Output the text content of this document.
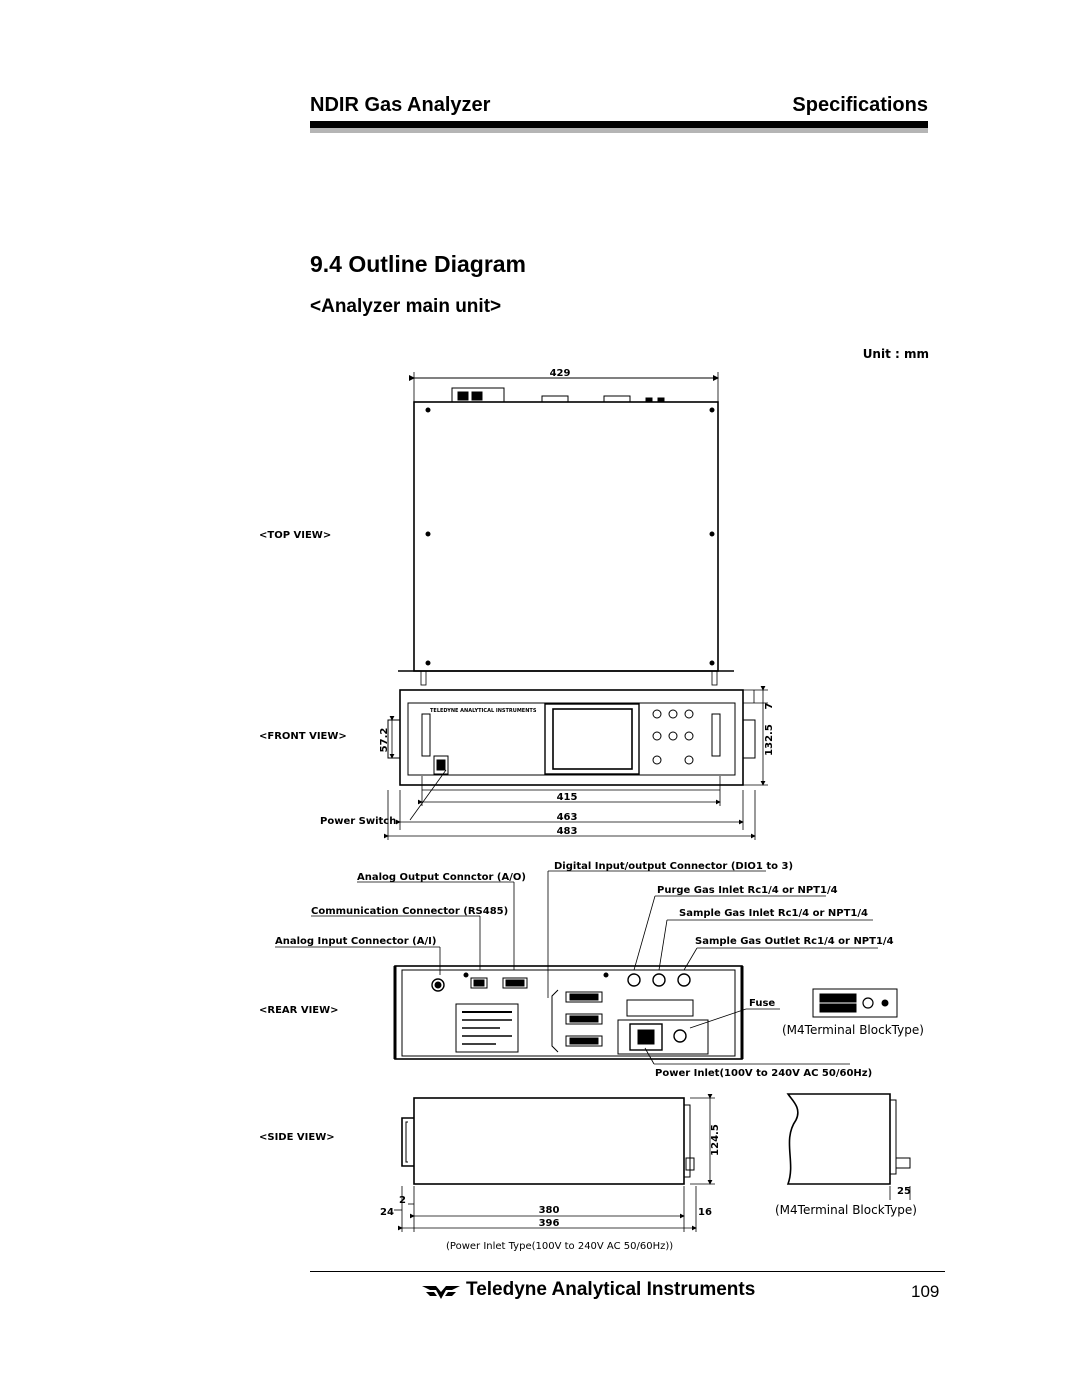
NDIR Gas Analyzer	Specifications
9.4 Outline Diagram
<Analyzer main unit>
Unit : mm
429
<TOP VIEW>
TELEDYNE ANALYTICAL INSTRUMENTS
<FRONT VIEW>	57.2
7
132.5
415
463
483
Power Switch
Analog Output Connctor (A/O)
Communication Connector (RS485)
Analog Input Connector (A/I)
Digital Input/output Connector (DIO1 to 3)
Purge Gas Inlet Rc1/4 or NPT1/4
Sample Gas Inlet Rc1/4 or NPT1/4
Sample Gas Outlet Rc1/4 or NPT1/4
Fuse
(M4Terminal BlockType)
Power Inlet(100V to 240V AC 50/60Hz)
<REAR VIEW>
<SIDE VIEW>	124.5
25
2
24	380	16
396
(M4Terminal BlockType)
(Power Inlet Type(100V to 240V AC 50/60Hz))
Teledyne Analytical Instruments	109
